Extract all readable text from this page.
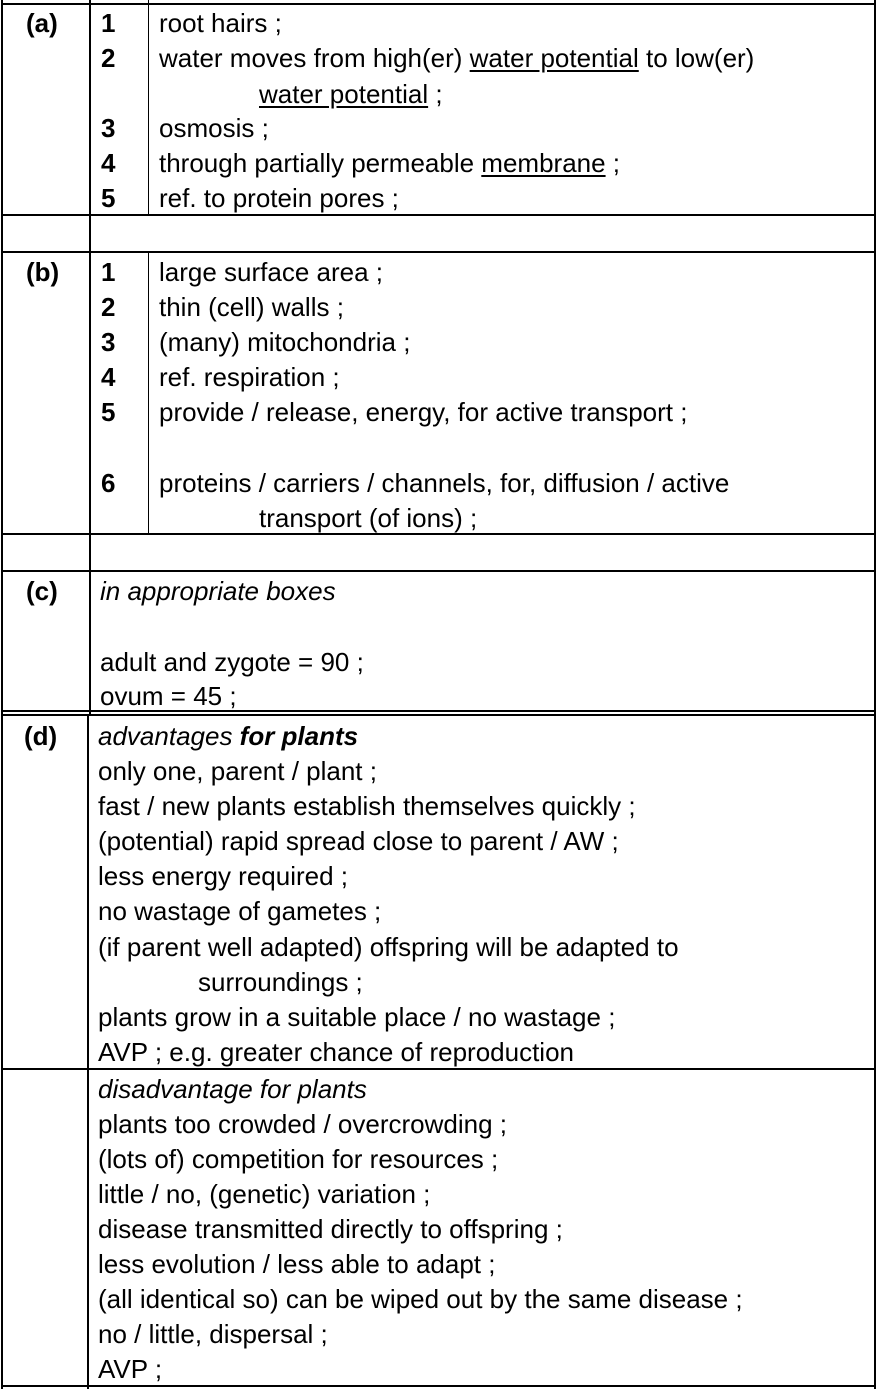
(a) 1 root hairs ;
2 water moves from high(er) water potential to low(er)
water potential ;
3 osmosis ;
4 through partially permeable membrane ;
5 ref. to protein pores ;
(b) 1 large surface area ;
2 thin (cell) walls ;
3 (many) mitochondria ;
4 ref. respiration ;
5 provide / release, energy, for active transport ;
6 proteins / carriers / channels, for, diffusion / active
transport (of ions) ;
(c) in appropriate boxes
adult and zygote = 90 ;
ovum = 45 ;
(d) advantages for plants
only one, parent / plant ;
fast / new plants establish themselves quickly ;
(potential) rapid spread close to parent / AW ;
less energy required ;
no wastage of gametes ;
(if parent well adapted) offspring will be adapted to
surroundings ;
plants grow in a suitable place / no wastage ;
AVP ; e.g. greater chance of reproduction
disadvantage for plants
plants too crowded / overcrowding ;
(lots of) competition for resources ;
little / no, (genetic) variation ;
disease transmitted directly to offspring ;
less evolution / less able to adapt ;
(all identical so) can be wiped out by the same disease ;
no / little, dispersal ;
AVP ;
